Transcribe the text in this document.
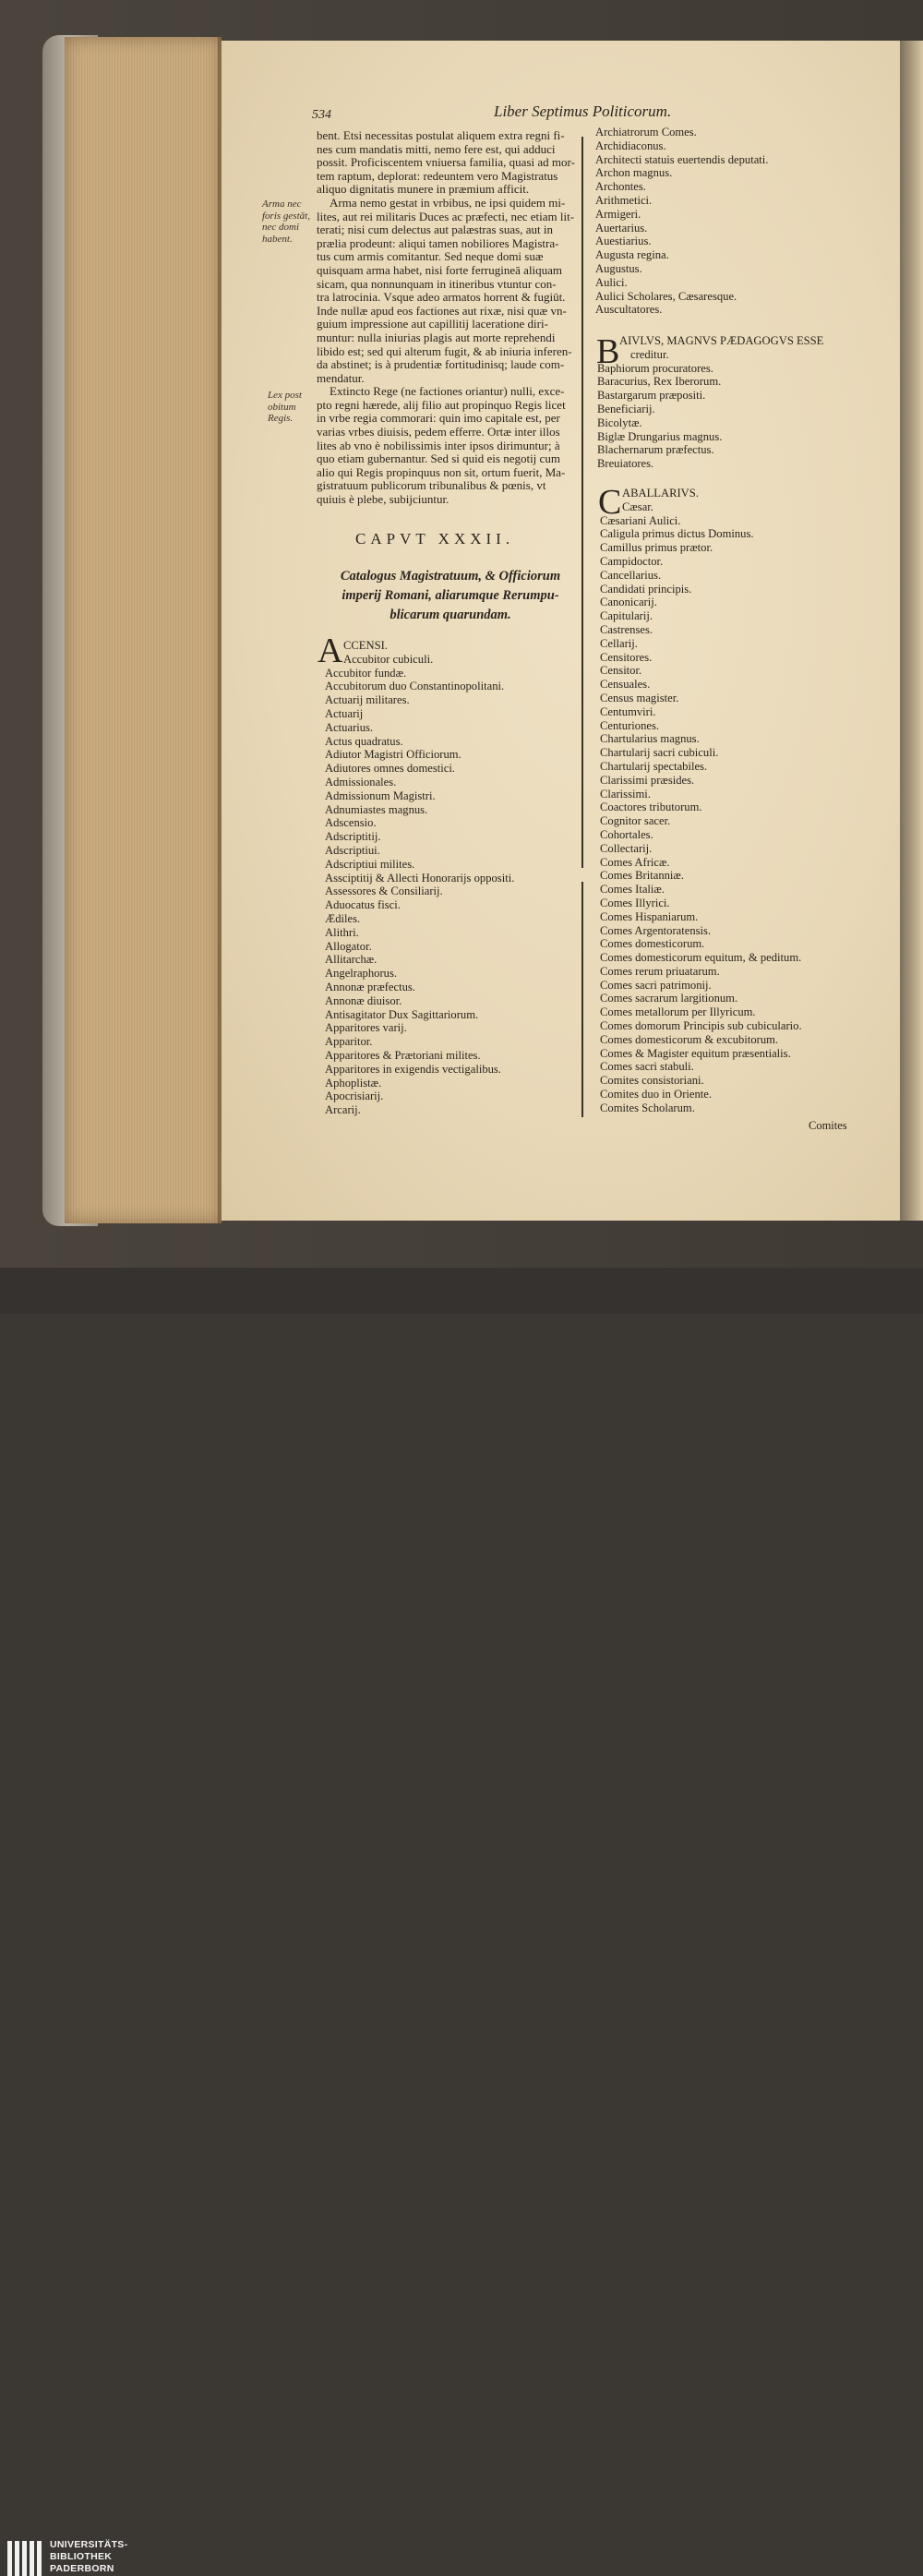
534	Liber Septimus Politicorum.

bent. Etsi necessitas postulat aliquem extra regni fi-

nes cum mandatis mitti, nemo fere est, qui adduci

possit. Proficiscentem vniuersa familia, quasi ad mor-

tem raptum, deplorat: redeuntem vero Magistratus

aliquo dignitatis munere in præmium afficit.

Arma nemo gestat in vrbibus, ne ipsi quidem mi-

lites, aut rei militaris Duces ac præfecti, nec etiam lit-

terati; nisi cum delectus aut palæstras suas, aut in

prælia prodeunt: aliqui tamen nobiliores Magistra-

tus cum armis comitantur. Sed neque domi suæ

quisquam arma habet, nisi forte ferrugineā aliquam

sicam, qua nonnunquam in itineribus vtuntur con-

tra latrocinia. Vsque adeo armatos horrent & fugiūt.

Inde nullæ apud eos factiones aut rixæ, nisi quæ vn-

guium impressione aut capillitij laceratione diri-

muntur: nulla iniurias plagis aut morte reprehendi

libido est; sed qui alterum fugit, & ab iniuria inferen-

da abstinet; is à prudentiæ fortitudinisq; laude com-

mendatur.

Extincto Rege (ne factiones oriantur) nulli, exce-

pto regni hærede, alij filio aut propinquo Regis licet

in vrbe regia commorari: quin imo capitale est, per

varias vrbes diuisis, pedem efferre. Ortæ inter illos

lites ab vno è nobilissimis inter ipsos dirimuntur; à

quo etiam gubernantur. Sed si quid eis negotij cum

alio qui Regis propinquus non sit, ortum fuerit, Ma-

gistratuum publicorum tribunalibus & pœnis, vt

quiuis è plebe, subijciuntur.

Arma nec
foris gestāt,
nec domi
habent.
Lex post
obitum
Regis.
CAPVT XXXII.
Catalogus Magistratuum, & Officiorum
imperij Romani, aliarumque Rerumpu-
blicarum quarundam.
A CCENSI.
Accubitor cubiculi.
Accubitor fundæ.
Accubitorum duo Constantinopolitani.
Actuarij militares.
Actuarij
Actuarius.
Actus quadratus.
Adiutor Magistri Officiorum.
Adiutores omnes domestici.
Admissionales.
Admissionum Magistri.
Adnumiastes magnus.
Adscensio.
Adscriptitij.
Adscriptiui.
Adscriptiui milites.
Assciptitij & Allecti Honorarijs oppositi.
Assessores & Consiliarij.
Aduocatus fisci.
Ædiles.
Alithri.
Allogator.
Allitarchæ.
Angelraphorus.
Annonæ præfectus.
Annonæ diuisor.
Antisagitator Dux Sagittariorum.
Apparitores varij.
Apparitor.
Apparitores & Prætoriani milites.
Apparitores in exigendis vectigalibus.
Aphoplistæ.
Apocrisiarij.
Arcarij.
Archiatrorum Comes.
Archidiaconus.
Architecti statuis euertendis deputati.
Archon magnus.
Archontes.
Arithmetici.
Armigeri.
Auertarius.
Auestiarius.
Augusta regina.
Augustus.
Aulici.
Aulici Scholares, Cæsaresque.
Auscultatores.
B AIVLVS, MAGNVS PÆDAGOGVS ESSE
creditur.
Baphiorum procuratores.
Baracurius, Rex Iberorum.
Bastargarum præpositi.
Beneficiarij.
Bicolytæ.
Biglæ Drungarius magnus.
Blachernarum præfectus.
Breuiatores.
C ABALLARIVS.
Cæsar.
Cæsariani Aulici.
Caligula primus dictus Dominus.
Camillus primus prætor.
Campidoctor.
Cancellarius.
Candidati principis.
Canonicarij.
Capitularij.
Castrenses.
Cellarij.
Censitores.
Censitor.
Censuales.
Census magister.
Centumviri.
Centuriones.
Chartularius magnus.
Chartularij sacri cubiculi.
Chartularij spectabiles.
Clarissimi præsides.
Clarissimi.
Coactores tributorum.
Cognitor sacer.
Cohortales.
Collectarij.
Comes Africæ.
Comes Britanniæ.
Comes Italiæ.
Comes Illyrici.
Comes Hispaniarum.
Comes Argentoratensis.
Comes domesticorum.
Comes domesticorum equitum, & peditum.
Comes rerum priuatarum.
Comes sacri patrimonij.
Comes sacrarum largitionum.
Comes metallorum per Illyricum.
Comes domorum Principis sub cubiculario.
Comes domesticorum & excubitorum.
Comes & Magister equitum præsentialis.
Comes sacri stabuli.
Comites consistoriani.
Comites duo in Oriente.
Comites Scholarum.
Comites
UNIVERSITÄTS-
BIBLIOTHEK
PADERBORN
